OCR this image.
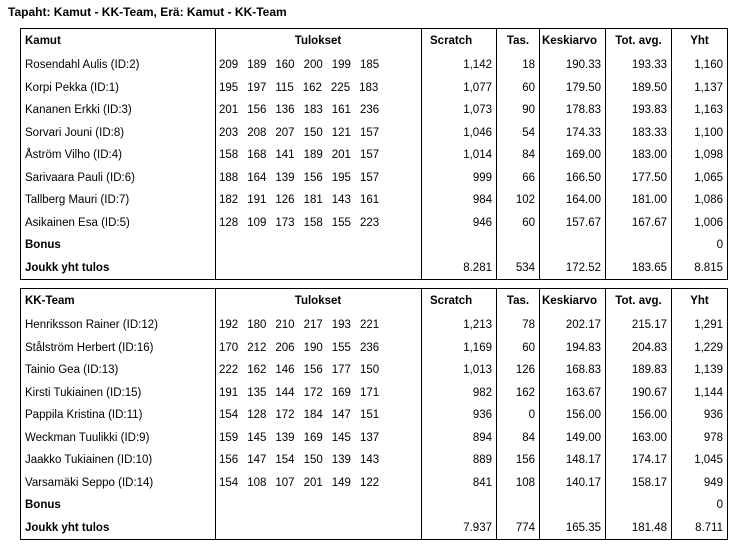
Tapaht: Kamut - KK-Team, Erä: Kamut - KK-Team
Kamut	Tulokset	Scratch	Tas.	Keskiarvo	Tot. avg.	Yht
Rosendahl Aulis (ID:2)	209 189 160 200 199 185	1,142	18	190.33	193.33	1,160
Korpi Pekka (ID:1)	195 197 115 162 225 183	1,077	60	179.50	189.50	1,137
Kananen Erkki (ID:3)	201 156 136 183 161 236	1,073	90	178.83	193.83	1,163
Sorvari Jouni (ID:8)	203 208 207 150 121 157	1,046	54	174.33	183.33	1,100
Åström Vilho (ID:4)	158 168 141 189 201 157	1,014	84	169.00	183.00	1,098
Sarivaara Pauli (ID:6)	188 164 139 156 195 157	999	66	166.50	177.50	1,065
Tallberg Mauri (ID:7)	182 191 126 181 143 161	984	102	164.00	181.00	1,086
Asikainen Esa (ID:5)	128 109 173 158 155 223	946	60	157.67	167.67	1,006
Bonus						0
Joukk yht tulos		8.281	534	172.52	183.65	8.815
KK-Team	Tulokset	Scratch	Tas.	Keskiarvo	Tot. avg.	Yht
Henriksson Rainer (ID:12)	192 180 210 217 193 221	1,213	78	202.17	215.17	1,291
Stålström Herbert (ID:16)	170 212 206 190 155 236	1,169	60	194.83	204.83	1,229
Tainio Gea (ID:13)	222 162 146 156 177 150	1,013	126	168.83	189.83	1,139
Kirsti Tukiainen (ID:15)	191 135 144 172 169 171	982	162	163.67	190.67	1,144
Pappila Kristina (ID:11)	154 128 172 184 147 151	936	0	156.00	156.00	936
Weckman Tuulikki (ID:9)	159 145 139 169 145 137	894	84	149.00	163.00	978
Jaakko Tukiainen (ID:10)	156 147 154 150 139 143	889	156	148.17	174.17	1,045
Varsamäki Seppo (ID:14)	154 108 107 201 149 122	841	108	140.17	158.17	949
Bonus						0
Joukk yht tulos		7.937	774	165.35	181.48	8.711
